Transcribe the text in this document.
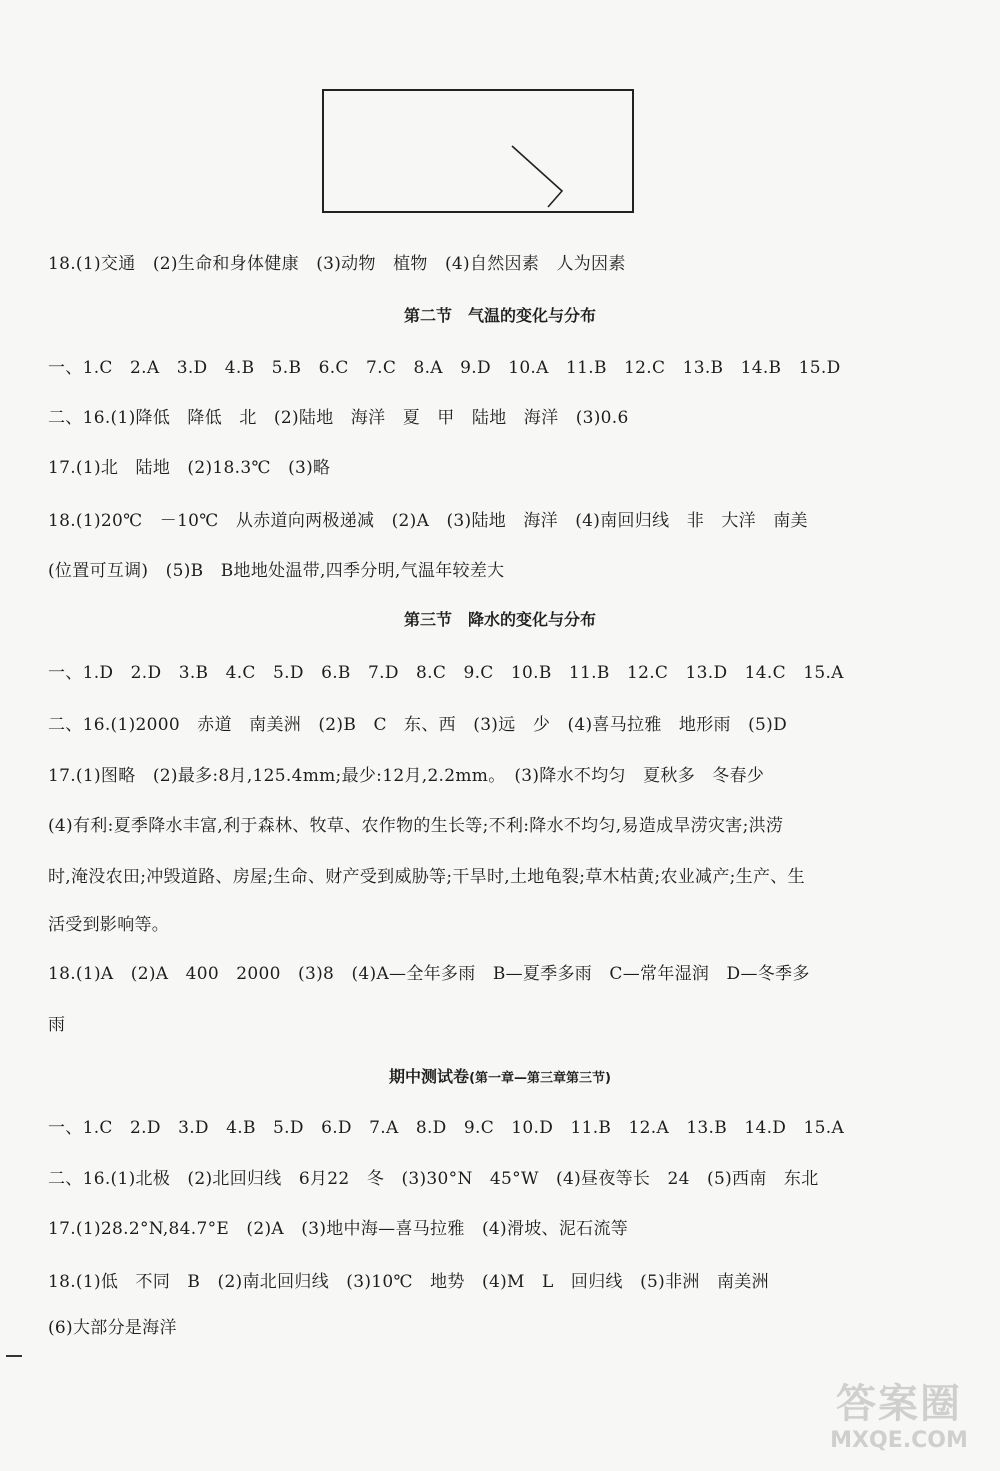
18.(1)交通　(2)生命和身体健康　(3)动物　植物　(4)自然因素　人为因素
第二节　气温的变化与分布
一、1.C　2.A　3.D　4.B　5.B　6.C　7.C　8.A　9.D　10.A　11.B　12.C　13.B　14.B　15.D
二、16.(1)降低　降低　北　(2)陆地　海洋　夏　甲　陆地　海洋　(3)0.6
17.(1)北　陆地　(2)18.3℃　(3)略
18.(1)20℃　－10℃　从赤道向两极递减　(2)A　(3)陆地　海洋　(4)南回归线　非　大洋　南美
(位置可互调)　(5)B　B地地处温带,四季分明,气温年较差大
第三节　降水的变化与分布
一、1.D　2.D　3.B　4.C　5.D　6.B　7.D　8.C　9.C　10.B　11.B　12.C　13.D　14.C　15.A
二、16.(1)2000　赤道　南美洲　(2)B　C　东、西　(3)远　少　(4)喜马拉雅　地形雨　(5)D
17.(1)图略　(2)最多:8月,125.4mm;最少:12月,2.2mm。　(3)降水不均匀　夏秋多　冬春少
(4)有利:夏季降水丰富,利于森林、牧草、农作物的生长等;不利:降水不均匀,易造成旱涝灾害;洪涝
时,淹没农田;冲毁道路、房屋;生命、财产受到威胁等;干旱时,土地龟裂;草木枯黄;农业减产;生产、生
活受到影响等。
18.(1)A　(2)A　400　2000　(3)8　(4)A—全年多雨　B—夏季多雨　C—常年湿润　D—冬季多
雨
期中测试卷(第一章—第三章第三节)
一、1.C　2.D　3.D　4.B　5.D　6.D　7.A　8.D　9.C　10.D　11.B　12.A　13.B　14.D　15.A
二、16.(1)北极　(2)北回归线　6月22　冬　(3)30°N　45°W　(4)昼夜等长　24　(5)西南　东北
17.(1)28.2°N,84.7°E　(2)A　(3)地中海—喜马拉雅　(4)滑坡、泥石流等
18.(1)低　不同　B　(2)南北回归线　(3)10℃　地势　(4)M　L　回归线　(5)非洲　南美洲
(6)大部分是海洋
答案圈
MXQE.COM
